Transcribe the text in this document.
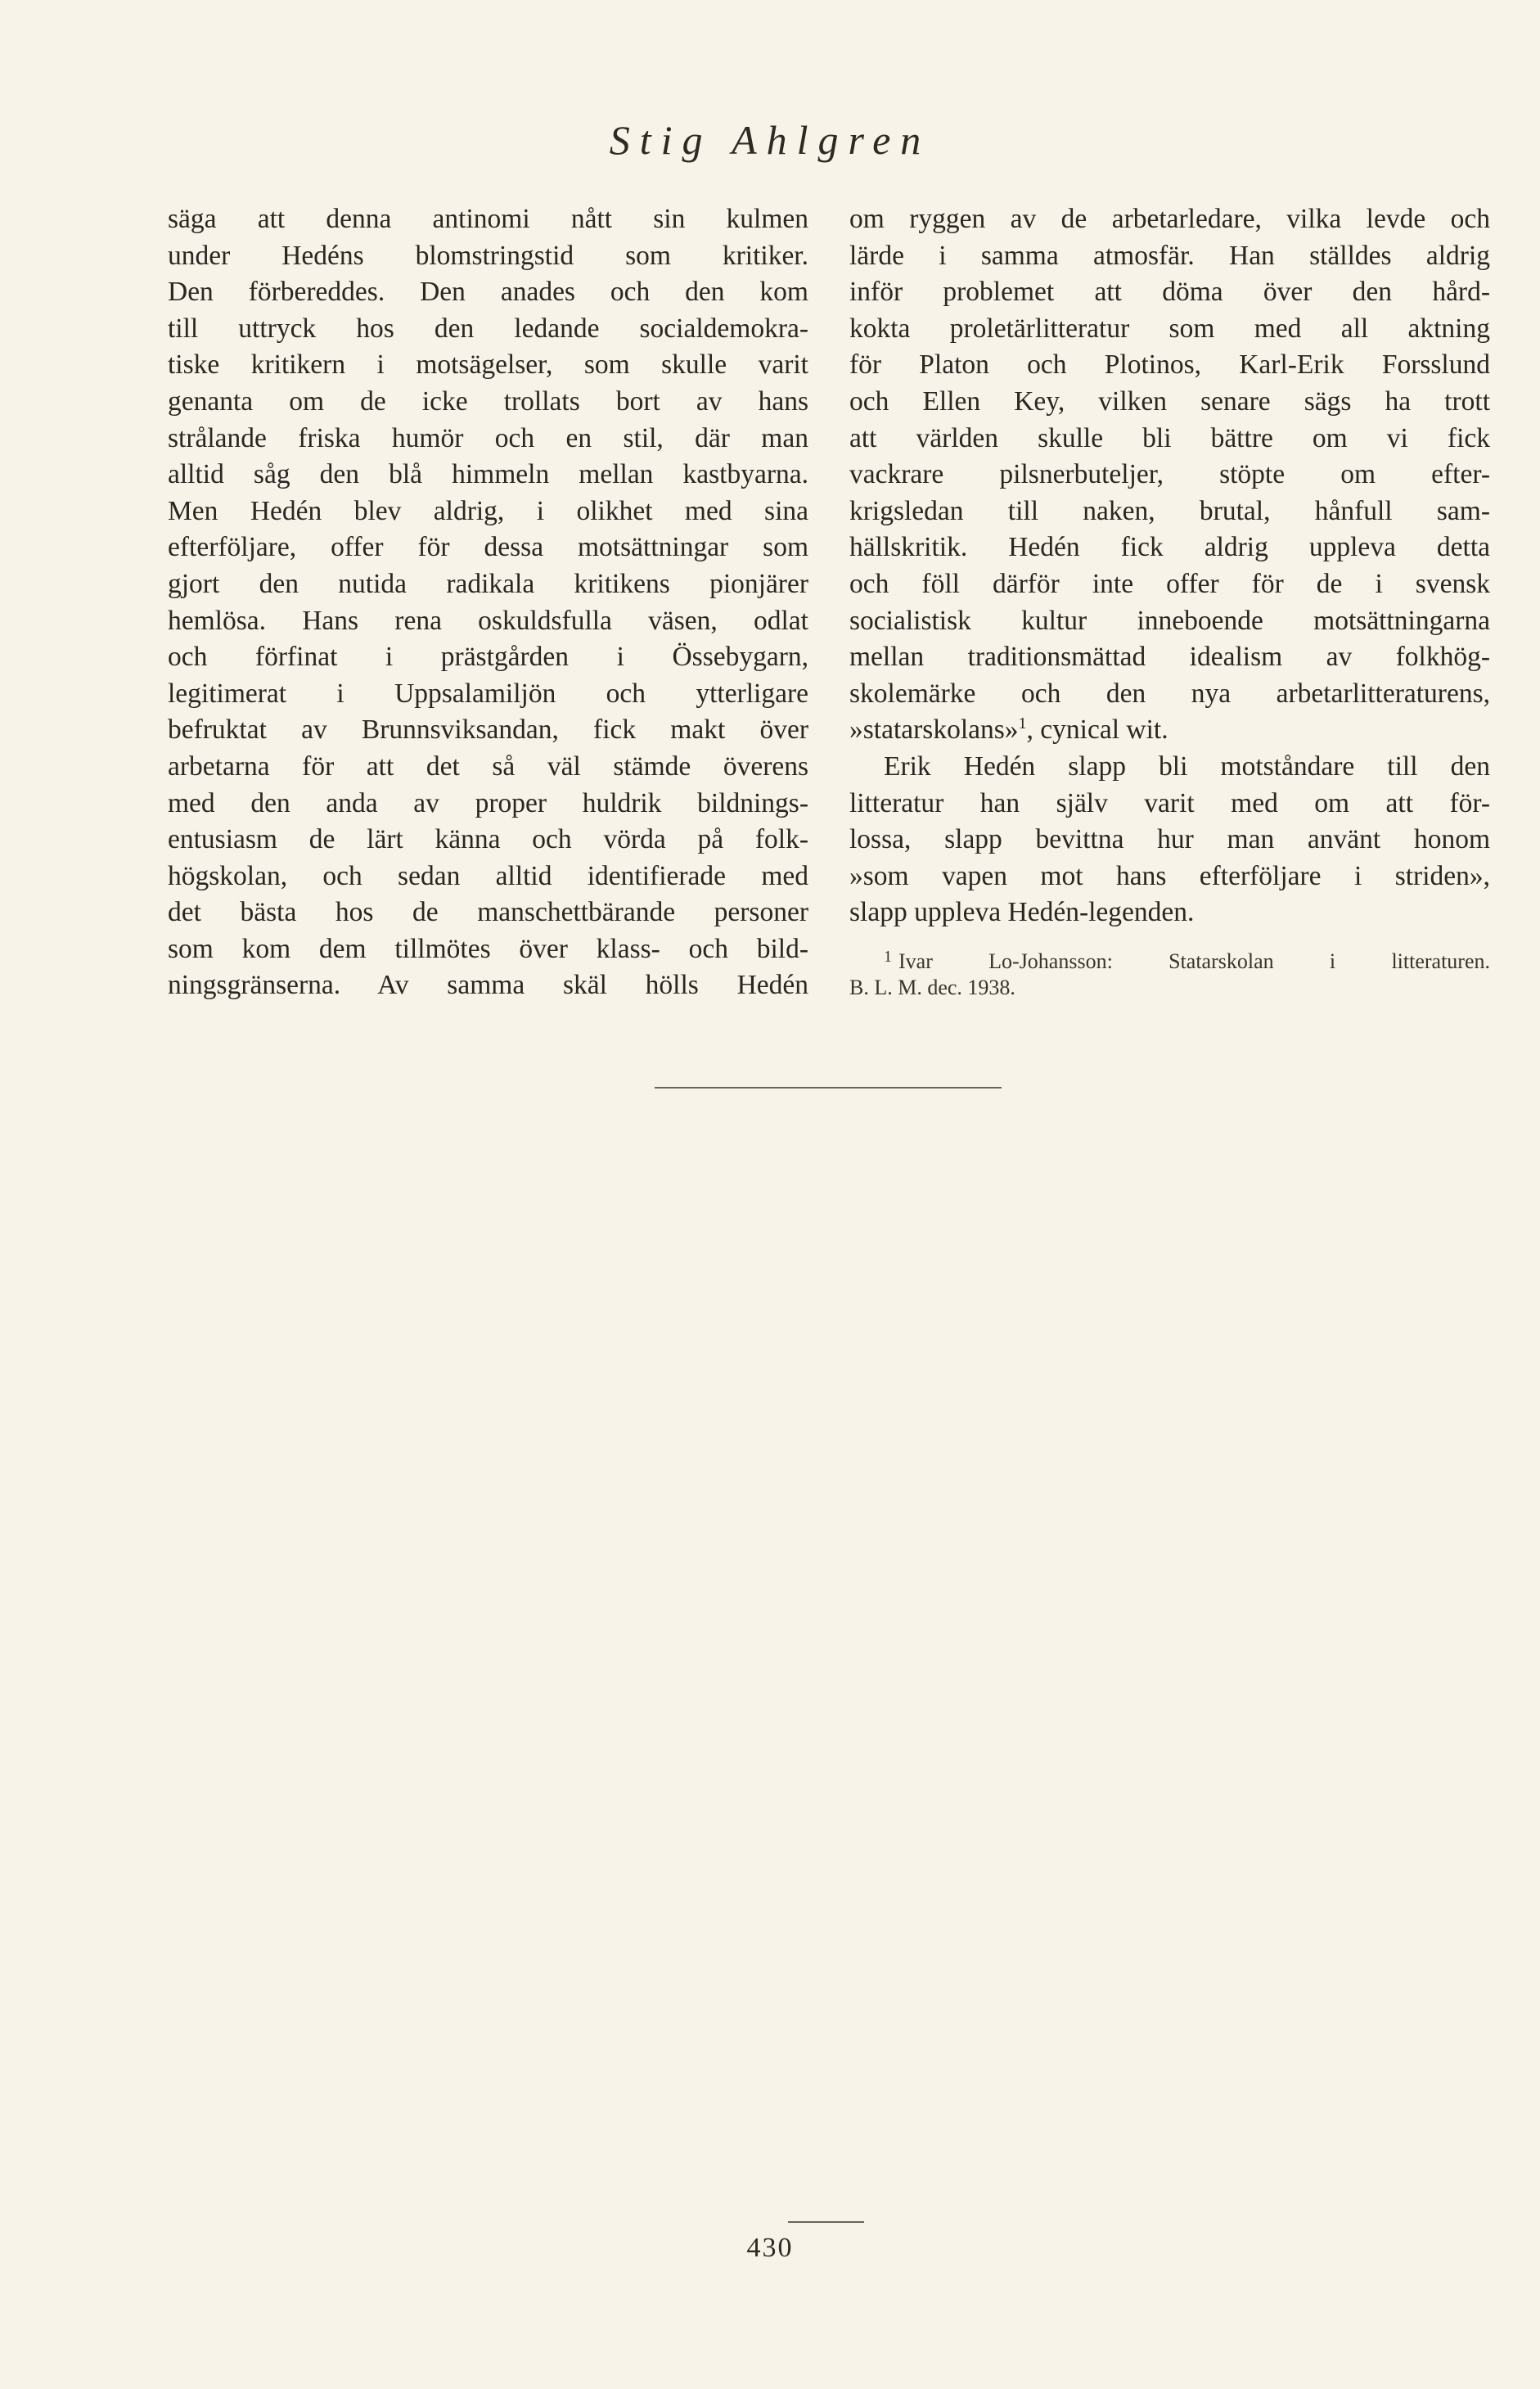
Stig Ahlgren
säga att denna antinomi nått sin kulmen
under Hedéns blomstringstid som kritiker.
Den förbereddes. Den anades och den kom
till uttryck hos den ledande socialdemokra-
tiske kritikern i motsägelser, som skulle varit
genanta om de icke trollats bort av hans
strålande friska humör och en stil, där man
alltid såg den blå himmeln mellan kastbyarna.
Men Hedén blev aldrig, i olikhet med sina
efterföljare, offer för dessa motsättningar som
gjort den nutida radikala kritikens pionjärer
hemlösa. Hans rena oskuldsfulla väsen, odlat
och förfinat i prästgården i Össebygarn,
legitimerat i Uppsalamiljön och ytterligare
befruktat av Brunnsviksandan, fick makt över
arbetarna för att det så väl stämde överens
med den anda av proper huldrik bildnings-
entusiasm de lärt känna och vörda på folk-
högskolan, och sedan alltid identifierade med
det bästa hos de manschettbärande personer
som kom dem tillmötes över klass- och bild-
ningsgränserna. Av samma skäl hölls Hedén
om ryggen av de arbetarledare, vilka levde och
lärde i samma atmosfär. Han ställdes aldrig
inför problemet att döma över den hård-
kokta proletärlitteratur som med all aktning
för Platon och Plotinos, Karl-Erik Forsslund
och Ellen Key, vilken senare sägs ha trott
att världen skulle bli bättre om vi fick
vackrare pilsnerbuteljer, stöpte om efter-
krigsledan till naken, brutal, hånfull sam-
hällskritik. Hedén fick aldrig uppleva detta
och föll därför inte offer för de i svensk
socialistisk kultur inneboende motsättningarna
mellan traditionsmättad idealism av folkhög-
skolemärke och den nya arbetarlitteraturens,
»statarskolans»$^1$, cynical wit.
Erik Hedén slapp bli motståndare till den
litteratur han själv varit med om att för-
lossa, slapp bevittna hur man använt honom
»som vapen mot hans efterföljare i striden»,
slapp uppleva Hedén-legenden.
$^1$ Ivar Lo-Johansson: Statarskolan i litteraturen.
B. L. M. dec. 1938.
430
